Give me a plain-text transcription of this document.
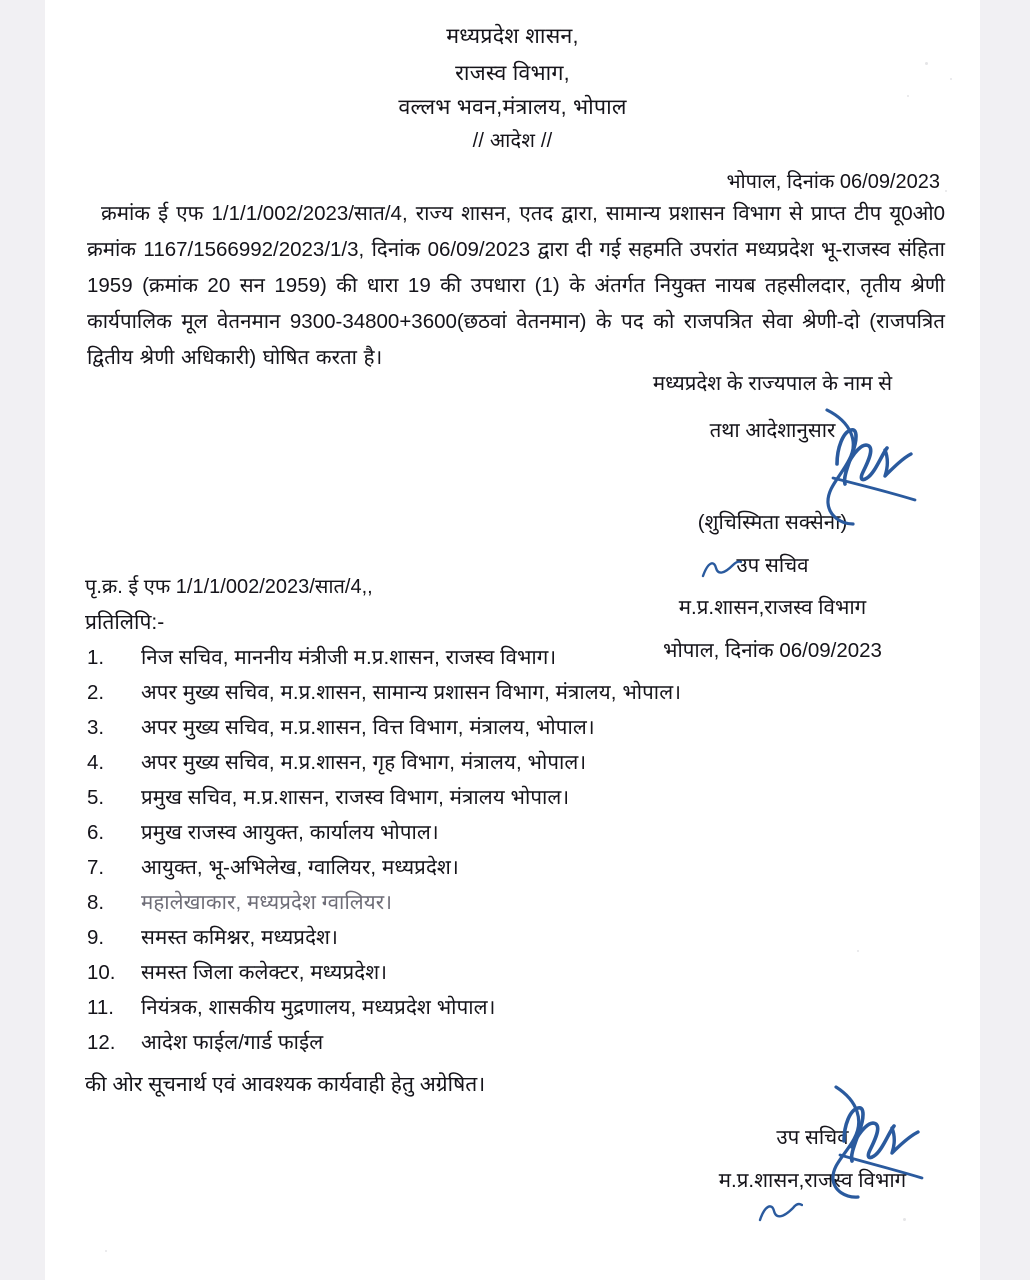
मध्यप्रदेश शासन,
राजस्व विभाग,
वल्लभ भवन,मंत्रालय, भोपाल
// आदेश //
भोपाल, दिनांक 06/09/2023
क्रमांक ई एफ 1/1/1/002/2023/सात/4, राज्य शासन, एतद द्वारा, सामान्य प्रशासन विभाग से प्राप्त टीप यू0ओ0 क्रमांक 1167/1566992/2023/1/3, दिनांक 06/09/2023 द्वारा दी गई सहमति उपरांत मध्यप्रदेश भू-राजस्व संहिता 1959 (क्रमांक 20 सन 1959) की धारा 19 की उपधारा (1) के अंतर्गत नियुक्त नायब तहसीलदार, तृतीय श्रेणी कार्यपालिक मूल वेतनमान 9300-34800+3600(छठवां वेतनमान) के पद को राजपत्रित सेवा श्रेणी-दो (राजपत्रित द्वितीय श्रेणी अधिकारी) घोषित करता है।
मध्यप्रदेश के राज्यपाल के नाम से
तथा आदेशानुसार
(शुचिस्मिता सक्सेना)
उप सचिव
म.प्र.शासन,राजस्व विभाग
भोपाल, दिनांक 06/09/2023
पृ.क्र. ई एफ 1/1/1/002/2023/सात/4,,
प्रतिलिपि:-
1.	निज सचिव, माननीय मंत्रीजी म.प्र.शासन, राजस्व विभाग।
2.	अपर मुख्य सचिव, म.प्र.शासन, सामान्य प्रशासन विभाग, मंत्रालय, भोपाल।
3.	अपर मुख्य सचिव, म.प्र.शासन, वित्त विभाग, मंत्रालय, भोपाल।
4.	अपर मुख्य सचिव, म.प्र.शासन, गृह विभाग, मंत्रालय, भोपाल।
5.	प्रमुख सचिव, म.प्र.शासन, राजस्व विभाग, मंत्रालय भोपाल।
6.	प्रमुख राजस्व आयुक्त, कार्यालय भोपाल।
7.	आयुक्त, भू-अभिलेख, ग्वालियर, मध्यप्रदेश।
8.	महालेखाकार, मध्यप्रदेश ग्वालियर।
9.	समस्त कमिश्नर, मध्यप्रदेश।
10.	समस्त जिला कलेक्टर, मध्यप्रदेश।
11.	नियंत्रक, शासकीय मुद्रणालय, मध्यप्रदेश भोपाल।
12.	आदेश फाईल/गार्ड फाईल
की ओर सूचनार्थ एवं आवश्यक कार्यवाही हेतु अग्रेषित।
उप सचिव
म.प्र.शासन,राजस्व विभाग
